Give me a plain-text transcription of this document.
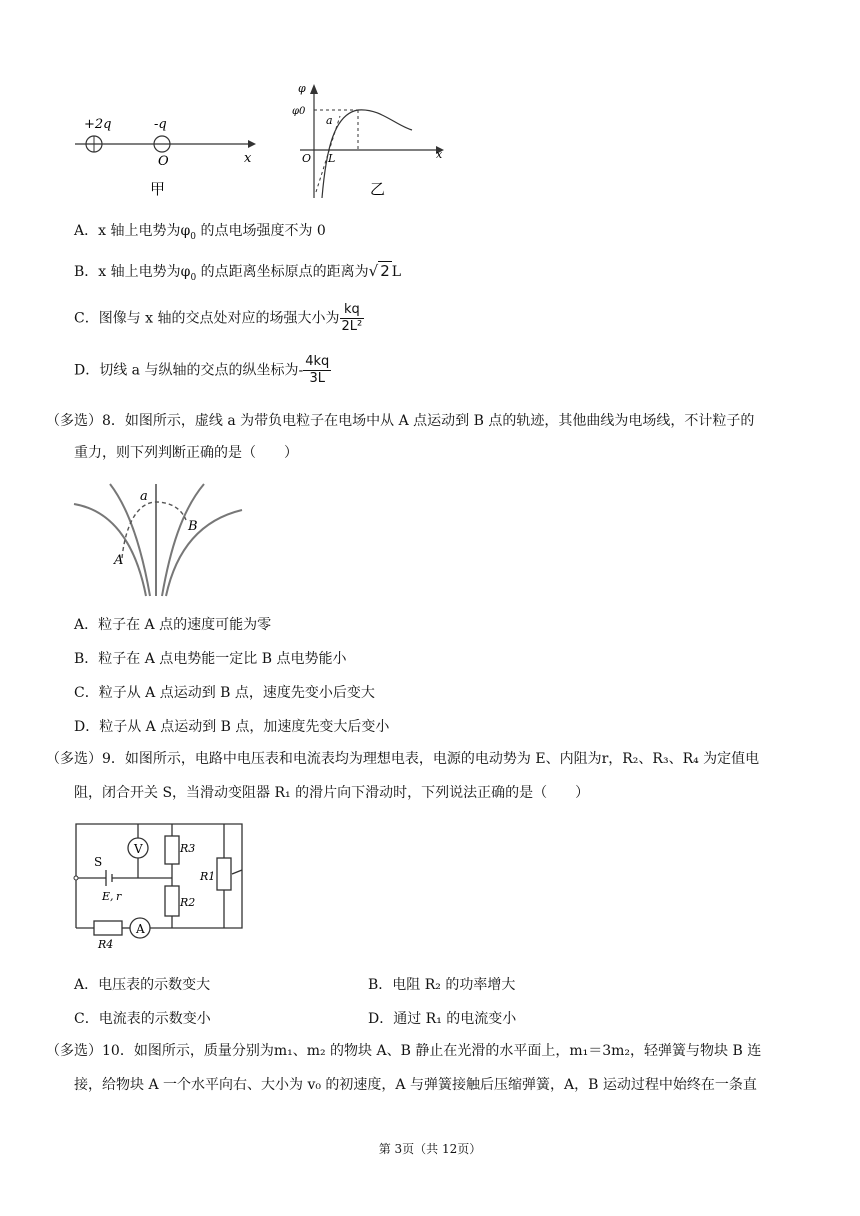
+2q	-q
O	x
甲
φ
φ0
a
O L	x
乙
A．x 轴上电势为$\varphi_0$ 的点电场强度不为 0
B．x 轴上电势为$\varphi_0$ 的点距离坐标原点的距离为√ 2 L
C．图像与 x 轴的交点处对应的场强大小为 $\frac{kq}{\text{2L²}}$
D．切线 a 与纵轴的交点的纵坐标为- $\frac{4kq}{3L}$
（多选）8．如图所示，虚线 a 为带负电粒子在电场中从 A 点运动到 B 点的轨迹，其他曲线为电场线，不计粒子的
重力，则下列判断正确的是（　　）
a
A
B
A．粒子在 A 点的速度可能为零
B．粒子在 A 点电势能一定比 B 点电势能小
C．粒子从 A 点运动到 B 点，速度先变小后变大
D．粒子从 A 点运动到 B 点，加速度先变大后变小
（多选）9．如图所示，电路中电压表和电流表均为理想电表，电源的电动势为 E、内阻为r，R₂、R₃、R₄ 为定值电
阻，闭合开关 S，当滑动变阻器 R₁ 的滑片向下滑动时，下列说法正确的是（　　）
V
A
S
E, r
R3
R2
R1
R4
A．电压表的示数变大	B．电阻 R₂ 的功率增大
C．电流表的示数变小	D．通过 R₁ 的电流变小
（多选）10．如图所示，质量分别为m₁、m₂ 的物块 A、B 静止在光滑的水平面上，m₁＝3m₂，轻弹簧与物块 B 连
接，给物块 A 一个水平向右、大小为 v₀ 的初速度，A 与弹簧接触后压缩弹簧，A，B 运动过程中始终在一条直
第 3页（共 12页）
